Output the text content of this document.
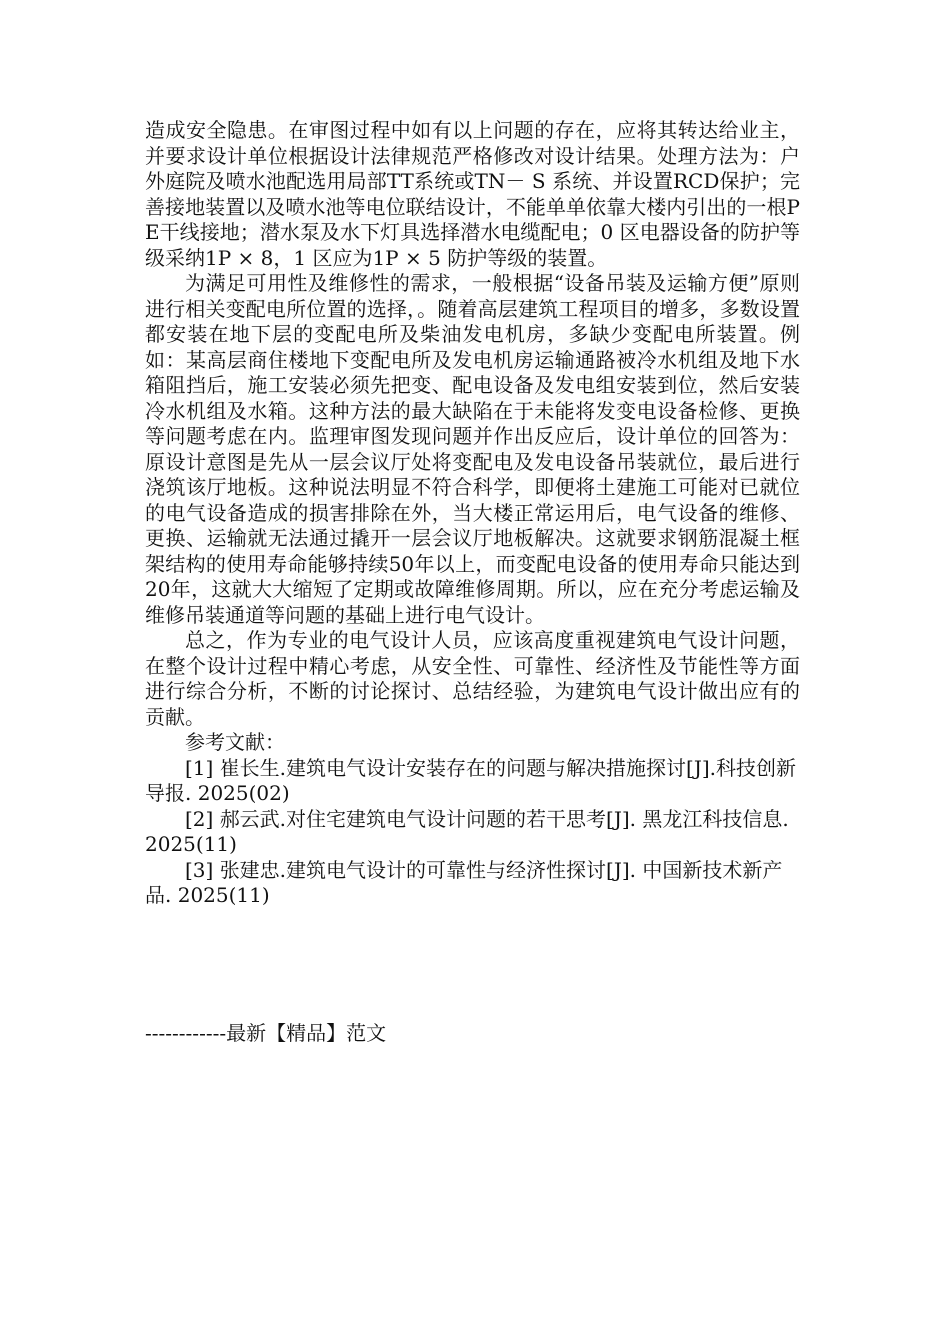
造成安全隐患。在审图过程中如有以上问题的存在，应将其转达给业主，并要求设计单位根据设计法律规范严格修改对设计结果。处理方法为：户外庭院及喷水池配选用局部TT系统或TN－ S 系统、并设置RCD保护；完善接地装置以及喷水池等电位联结设计，不能单单依靠大楼内引出的一根PE干线接地；潜水泵及水下灯具选择潜水电缆配电；0 区电器设备的防护等级采纳1P × 8，1 区应为1P × 5 防护等级的装置。

为满足可用性及维修性的需求，一般根据“设备吊装及运输方便”原则进行相关变配电所位置的选择，。随着高层建筑工程项目的增多，多数设置都安装在地下层的变配电所及柴油发电机房，多缺少变配电所装置。例如：某高层商住楼地下变配电所及发电机房运输通路被冷水机组及地下水箱阻挡后，施工安装必须先把变、配电设备及发电组安装到位，然后安装冷水机组及水箱。这种方法的最大缺陷在于未能将发变电设备检修、更换等问题考虑在内。监理审图发现问题并作出反应后，设计单位的回答为：原设计意图是先从一层会议厅处将变配电及发电设备吊装就位，最后进行浇筑该厅地板。这种说法明显不符合科学，即便将土建施工可能对已就位的电气设备造成的损害排除在外，当大楼正常运用后，电气设备的维修、更换、运输就无法通过撬开一层会议厅地板解决。这就要求钢筋混凝土框架结构的使用寿命能够持续50年以上，而变配电设备的使用寿命只能达到20年，这就大大缩短了定期或故障维修周期。所以，应在充分考虑运输及维修吊装通道等问题的基础上进行电气设计。

总之，作为专业的电气设计人员，应该高度重视建筑电气设计问题，在整个设计过程中精心考虑，从安全性、可靠性、经济性及节能性等方面进行综合分析，不断的讨论探讨、总结经验，为建筑电气设计做出应有的贡献。

参考文献：

[1] 崔长生.建筑电气设计安装存在的问题与解决措施探讨[J].科技创新导报. 2025(02)

[2] 郝云武.对住宅建筑电气设计问题的若干思考[J]. 黑龙江科技信息. 2025(11)

[3] 张建忠.建筑电气设计的可靠性与经济性探讨[J]. 中国新技术新产品. 2025(11)

------------最新【精品】范文
